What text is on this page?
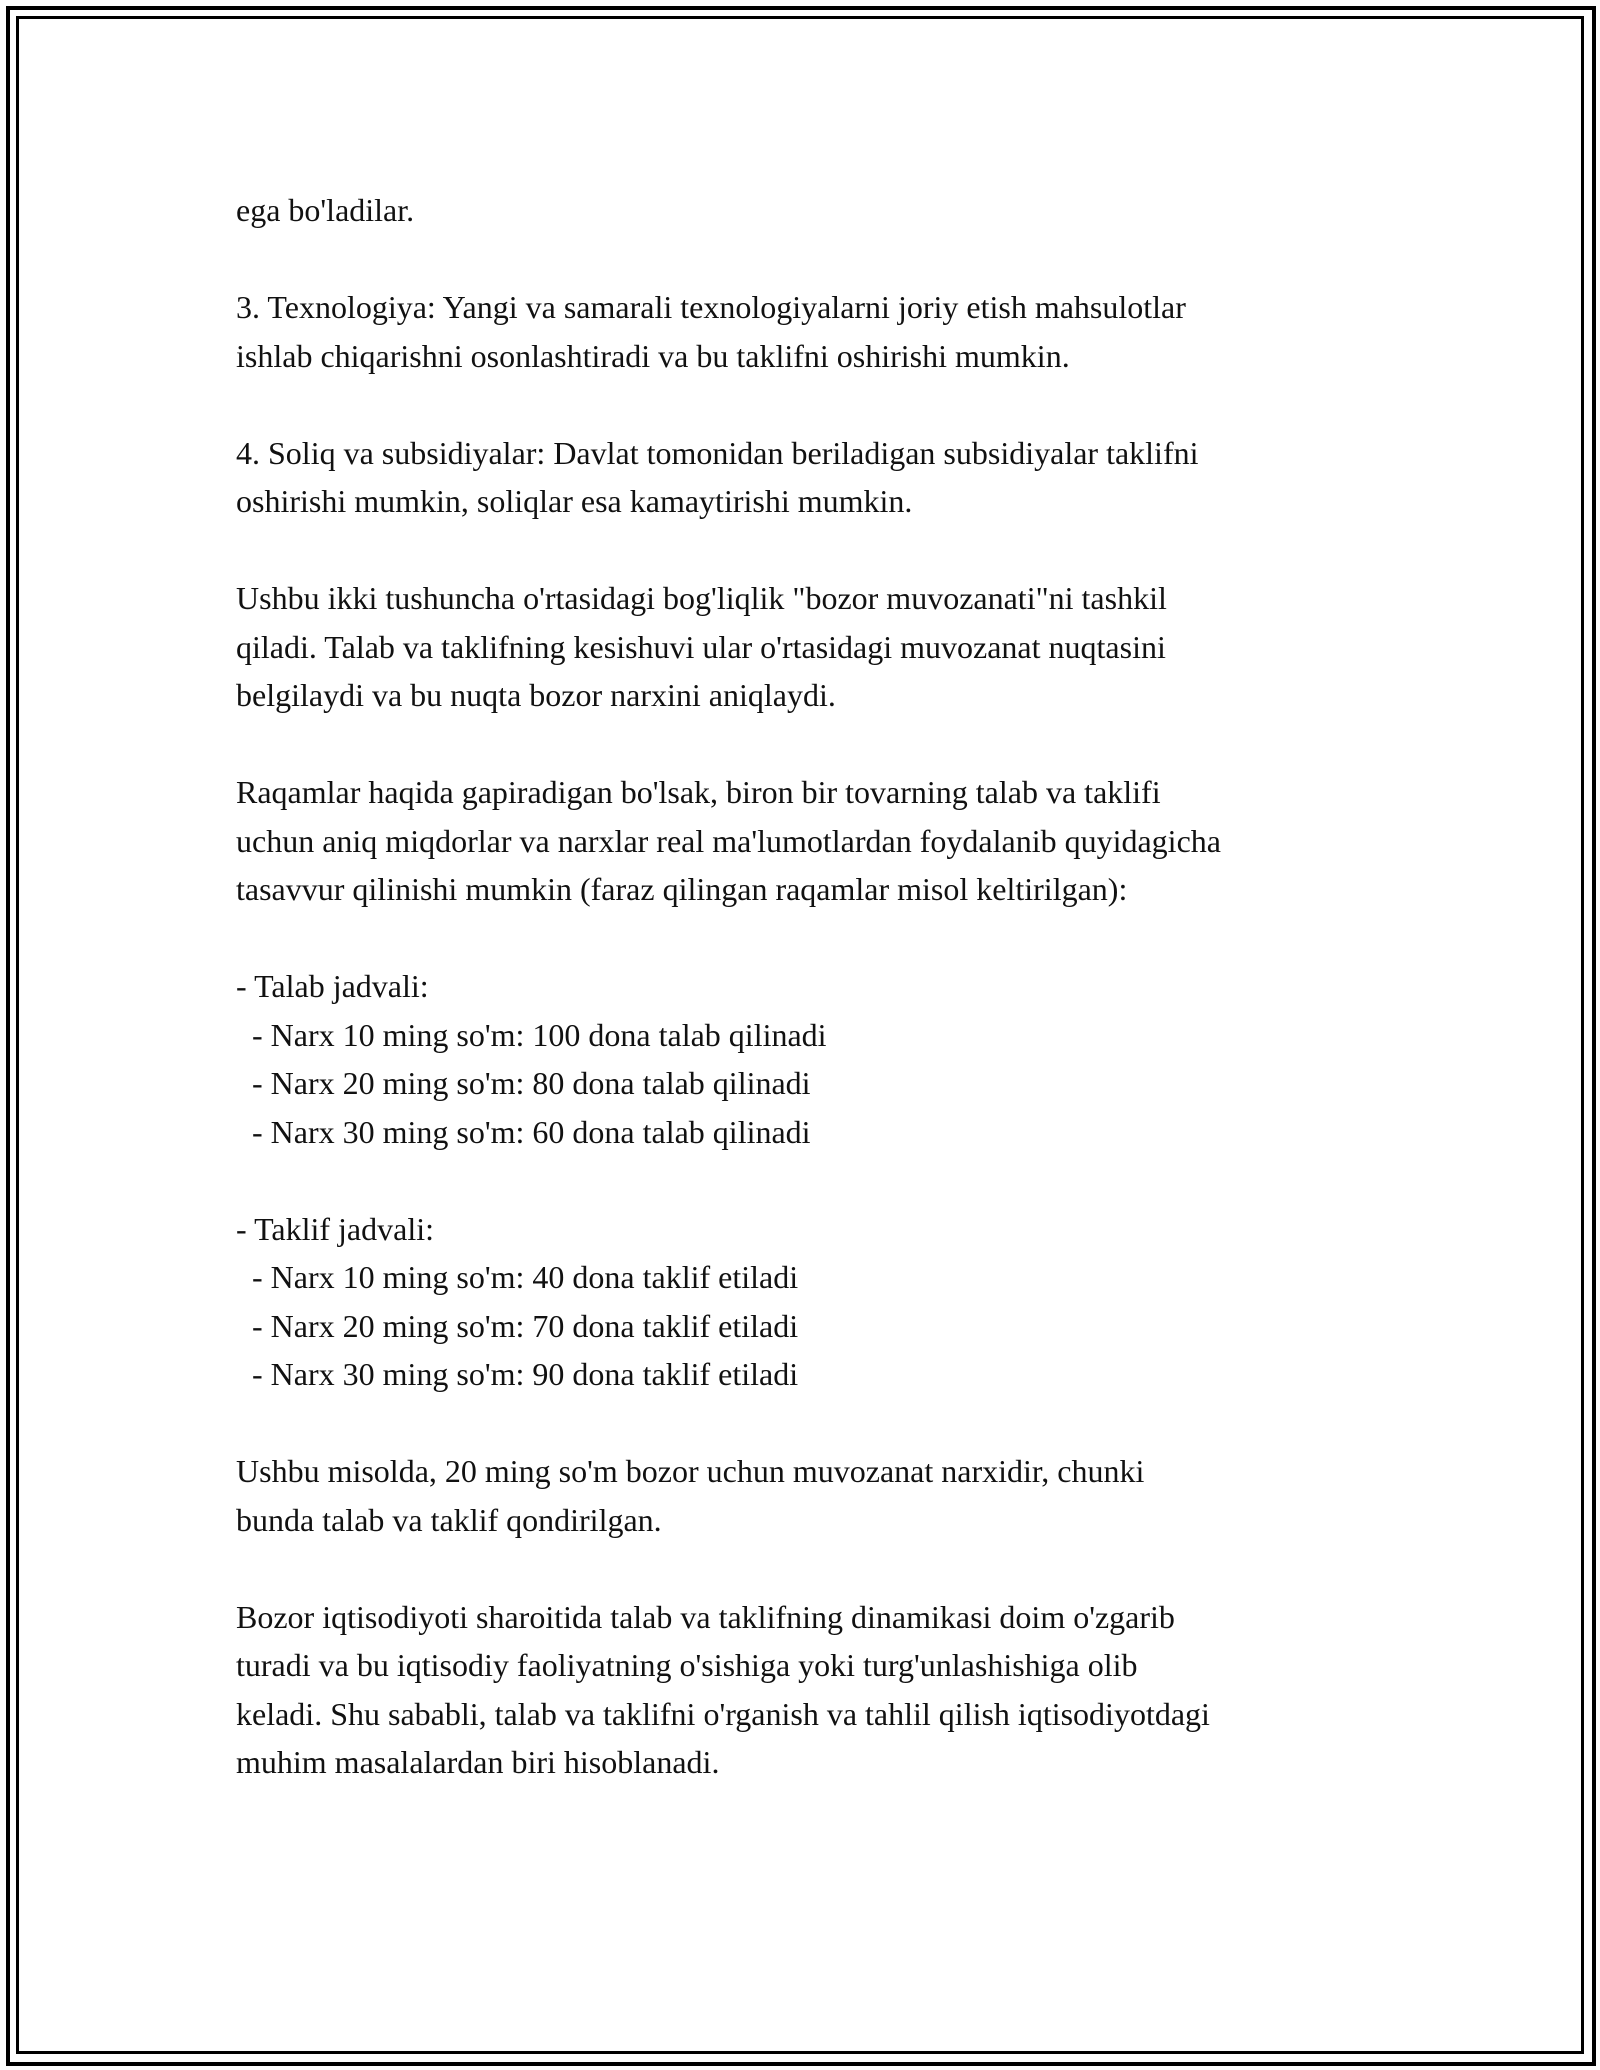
ega bo'ladilar.
3. Texnologiya: Yangi va samarali texnologiyalarni joriy etish mahsulotlar
ishlab chiqarishni osonlashtiradi va bu taklifni oshirishi mumkin.
4. Soliq va subsidiyalar: Davlat tomonidan beriladigan subsidiyalar taklifni
oshirishi mumkin, soliqlar esa kamaytirishi mumkin.
Ushbu ikki tushuncha o'rtasidagi bog'liqlik "bozor muvozanati"ni tashkil
qiladi. Talab va taklifning kesishuvi ular o'rtasidagi muvozanat nuqtasini
belgilaydi va bu nuqta bozor narxini aniqlaydi.
Raqamlar haqida gapiradigan bo'lsak, biron bir tovarning talab va taklifi
uchun aniq miqdorlar va narxlar real ma'lumotlardan foydalanib quyidagicha
tasavvur qilinishi mumkin (faraz qilingan raqamlar misol keltirilgan):
- Talab jadvali:
- Narx 10 ming so'm: 100 dona talab qilinadi
- Narx 20 ming so'm: 80 dona talab qilinadi
- Narx 30 ming so'm: 60 dona talab qilinadi
- Taklif jadvali:
- Narx 10 ming so'm: 40 dona taklif etiladi
- Narx 20 ming so'm: 70 dona taklif etiladi
- Narx 30 ming so'm: 90 dona taklif etiladi
Ushbu misolda, 20 ming so'm bozor uchun muvozanat narxidir, chunki
bunda talab va taklif qondirilgan.
Bozor iqtisodiyoti sharoitida talab va taklifning dinamikasi doim o'zgarib
turadi va bu iqtisodiy faoliyatning o'sishiga yoki turg'unlashishiga olib
keladi. Shu sababli, talab va taklifni o'rganish va tahlil qilish iqtisodiyotdagi
muhim masalalardan biri hisoblanadi.
